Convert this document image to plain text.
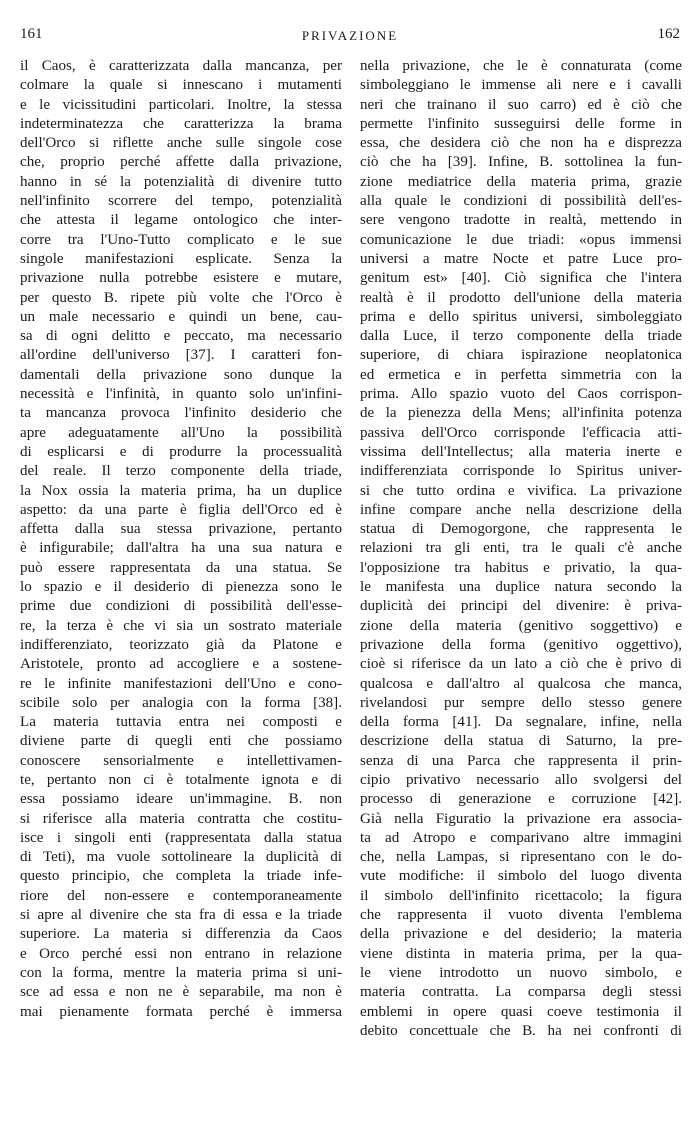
161	PRIVAZIONE	162
il Caos, è caratterizzata dalla mancanza, per
colmare la quale si innescano i mutamenti
e le vicissitudini particolari. Inoltre, la stessa
indeterminatezza che caratterizza la brama
dell'Orco si riflette anche sulle singole cose
che, proprio perché affette dalla privazione,
hanno in sé la potenzialità di divenire tutto
nell'infinito scorrere del tempo, potenzialità
che attesta il legame ontologico che inter-
corre tra l'Uno-Tutto complicato e le sue
singole manifestazioni esplicate. Senza la
privazione nulla potrebbe esistere e mutare,
per questo B. ripete più volte che l'Orco è
un male necessario e quindi un bene, cau-
sa di ogni delitto e peccato, ma necessario
all'ordine dell'universo [37]. I caratteri fon-
damentali della privazione sono dunque la
necessità e l'infinità, in quanto solo un'infini-
ta mancanza provoca l'infinito desiderio che
apre adeguatamente all'Uno la possibilità
di esplicarsi e di produrre la processualità
del reale. Il terzo componente della triade,
la Nox ossia la materia prima, ha un duplice
aspetto: da una parte è figlia dell'Orco ed è
affetta dalla sua stessa privazione, pertanto
è infigurabile; dall'altra ha una sua natura e
può essere rappresentata da una statua. Se
lo spazio e il desiderio di pienezza sono le
prime due condizioni di possibilità dell'esse-
re, la terza è che vi sia un sostrato materiale
indifferenziato, teorizzato già da Platone e
Aristotele, pronto ad accogliere e a sostene-
re le infinite manifestazioni dell'Uno e cono-
scibile solo per analogia con la forma [38].
La materia tuttavia entra nei composti e
diviene parte di quegli enti che possiamo
conoscere sensorialmente e intellettivamen-
te, pertanto non ci è totalmente ignota e di
essa possiamo ideare un'immagine. B. non
si riferisce alla materia contratta che costitu-
isce i singoli enti (rappresentata dalla statua
di Teti), ma vuole sottolineare la duplicità di
questo principio, che completa la triade infe-
riore del non-essere e contemporaneamente
si apre al divenire che sta fra di essa e la triade
superiore. La materia si differenzia da Caos
e Orco perché essi non entrano in relazione
con la forma, mentre la materia prima si uni-
sce ad essa e non ne è separabile, ma non è
mai pienamente formata perché è immersa
nella privazione, che le è connaturata (come
simboleggiano le immense ali nere e i cavalli
neri che trainano il suo carro) ed è ciò che
permette l'infinito susseguirsi delle forme in
essa, che desidera ciò che non ha e disprezza
ciò che ha [39]. Infine, B. sottolinea la fun-
zione mediatrice della materia prima, grazie
alla quale le condizioni di possibilità dell'es-
sere vengono tradotte in realtà, mettendo in
comunicazione le due triadi: «opus immensi
universi a matre Nocte et patre Luce pro-
genitum est» [40]. Ciò significa che l'intera
realtà è il prodotto dell'unione della materia
prima e dello spiritus universi, simboleggiato
dalla Luce, il terzo componente della triade
superiore, di chiara ispirazione neoplatonica
ed ermetica e in perfetta simmetria con la
prima. Allo spazio vuoto del Caos corrispon-
de la pienezza della Mens; all'infinita potenza
passiva dell'Orco corrisponde l'efficacia atti-
vissima dell'Intellectus; alla materia inerte e
indifferenziata corrisponde lo Spiritus univer-
si che tutto ordina e vivifica. La privazione
infine compare anche nella descrizione della
statua di Demogorgone, che rappresenta le
relazioni tra gli enti, tra le quali c'è anche
l'opposizione tra habitus e privatio, la qua-
le manifesta una duplice natura secondo la
duplicità dei principi del divenire: è priva-
zione della materia (genitivo soggettivo) e
privazione della forma (genitivo oggettivo),
cioè si riferisce da un lato a ciò che è privo di
qualcosa e dall'altro al qualcosa che manca,
rivelandosi pur sempre dello stesso genere
della forma [41]. Da segnalare, infine, nella
descrizione della statua di Saturno, la pre-
senza di una Parca che rappresenta il prin-
cipio privativo necessario allo svolgersi del
processo di generazione e corruzione [42].
Già nella Figuratio la privazione era associa-
ta ad Atropo e comparivano altre immagini
che, nella Lampas, si ripresentano con le do-
vute modifiche: il simbolo del luogo diventa
il simbolo dell'infinito ricettacolo; la figura
che rappresenta il vuoto diventa l'emblema
della privazione e del desiderio; la materia
viene distinta in materia prima, per la qua-
le viene introdotto un nuovo simbolo, e
materia contratta. La comparsa degli stessi
emblemi in opere quasi coeve testimonia il
debito concettuale che B. ha nei confronti di
